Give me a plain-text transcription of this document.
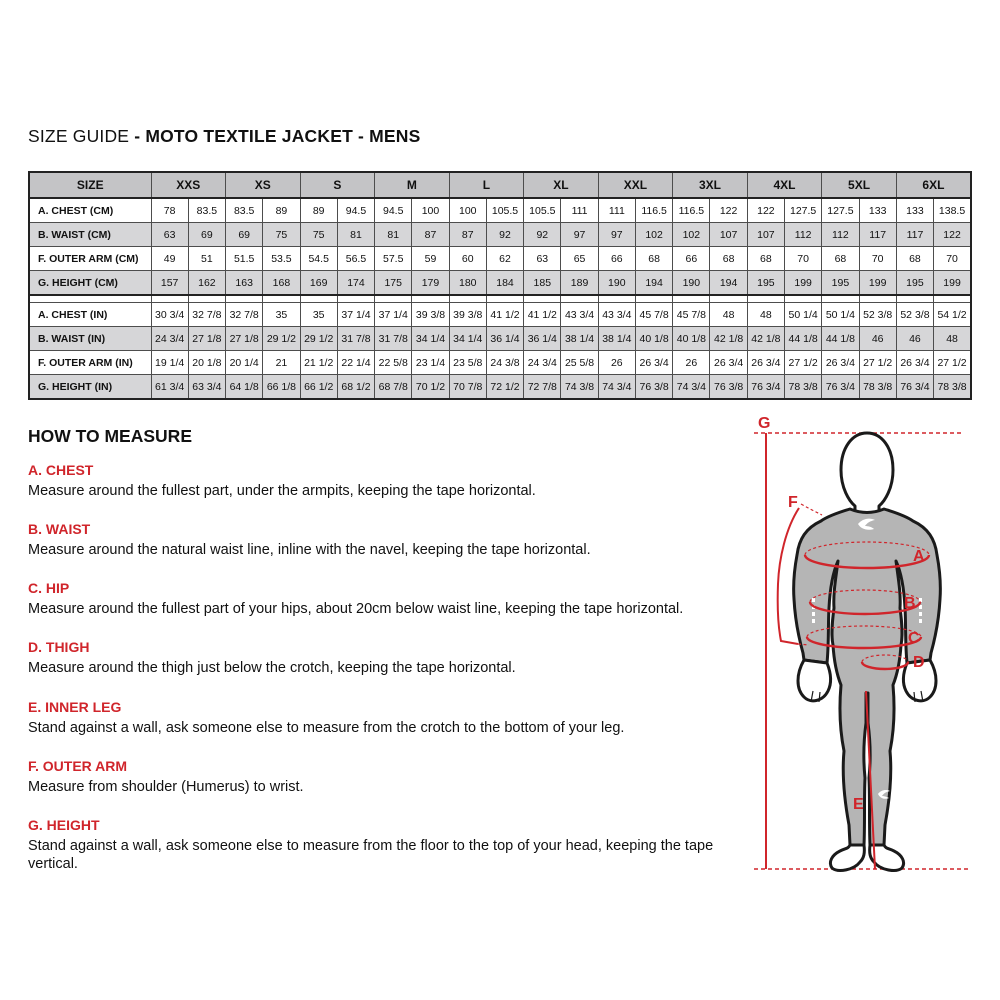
SIZE GUIDE - MOTO TEXTILE JACKET - MENS
SIZE	XXS		XS		S		M		L		XL		XXL		3XL		4XL		5XL		6XL	
A. CHEST (CM)	78	83.5	83.5	89	89	94.5	94.5	100	100	105.5	105.5	111	111	116.5	116.5	122	122	127.5	127.5	133	133	138.5
B. WAIST (CM)	63	69	69	75	75	81	81	87	87	92	92	97	97	102	102	107	107	112	112	117	117	122
F. OUTER ARM (CM)	49	51	51.5	53.5	54.5	56.5	57.5	59	60	62	63	65	66	68	66	68	68	70	68	70	68	70
G. HEIGHT (CM)	157	162	163	168	169	174	175	179	180	184	185	189	190	194	190	194	195	199	195	199	195	199

A. CHEST (IN)	30 3/4	32 7/8	32 7/8	35	35	37 1/4	37 1/4	39 3/8	39 3/8	41 1/2	41 1/2	43 3/4	43 3/4	45 7/8	45 7/8	48	48	50 1/4	50 1/4	52 3/8	52 3/8	54 1/2
B. WAIST (IN)	24 3/4	27 1/8	27 1/8	29 1/2	29 1/2	31 7/8	31 7/8	34 1/4	34 1/4	36 1/4	36 1/4	38 1/4	38 1/4	40 1/8	40 1/8	42 1/8	42 1/8	44 1/8	44 1/8	46	46	48
F. OUTER ARM (IN)	19 1/4	20 1/8	20 1/4	21	21 1/2	22 1/4	22 5/8	23 1/4	23 5/8	24 3/8	24 3/4	25 5/8	26	26 3/4	26	26 3/4	26 3/4	27 1/2	26 3/4	27 1/2	26 3/4	27 1/2
G. HEIGHT (IN)	61 3/4	63 3/4	64 1/8	66 1/8	66 1/2	68 1/2	68 7/8	70 1/2	70 7/8	72 1/2	72 7/8	74 3/8	74 3/4	76 3/8	74 3/4	76 3/8	76 3/4	78 3/8	76 3/4	78 3/8	76 3/4	78 3/8
HOW TO MEASURE
A. CHEST

Measure around the fullest part, under the armpits, keeping the tape horizontal.

B. WAIST

Measure around the natural waist line, inline with the navel, keeping the tape horizontal.

C. HIP

Measure around the fullest part of your hips, about 20cm below waist line, keeping the tape horizontal.

D. THIGH

Measure around the thigh just below the crotch, keeping the tape horizontal.

E. INNER LEG

Stand against a wall, ask someone else to measure from the crotch to the bottom of your leg.

F. OUTER ARM

Measure from shoulder (Humerus) to wrist.

G. HEIGHT

Stand against a wall, ask someone else to measure from the floor to the top of your head, keeping the tape vertical.

G
F
A
B
C
D
E
